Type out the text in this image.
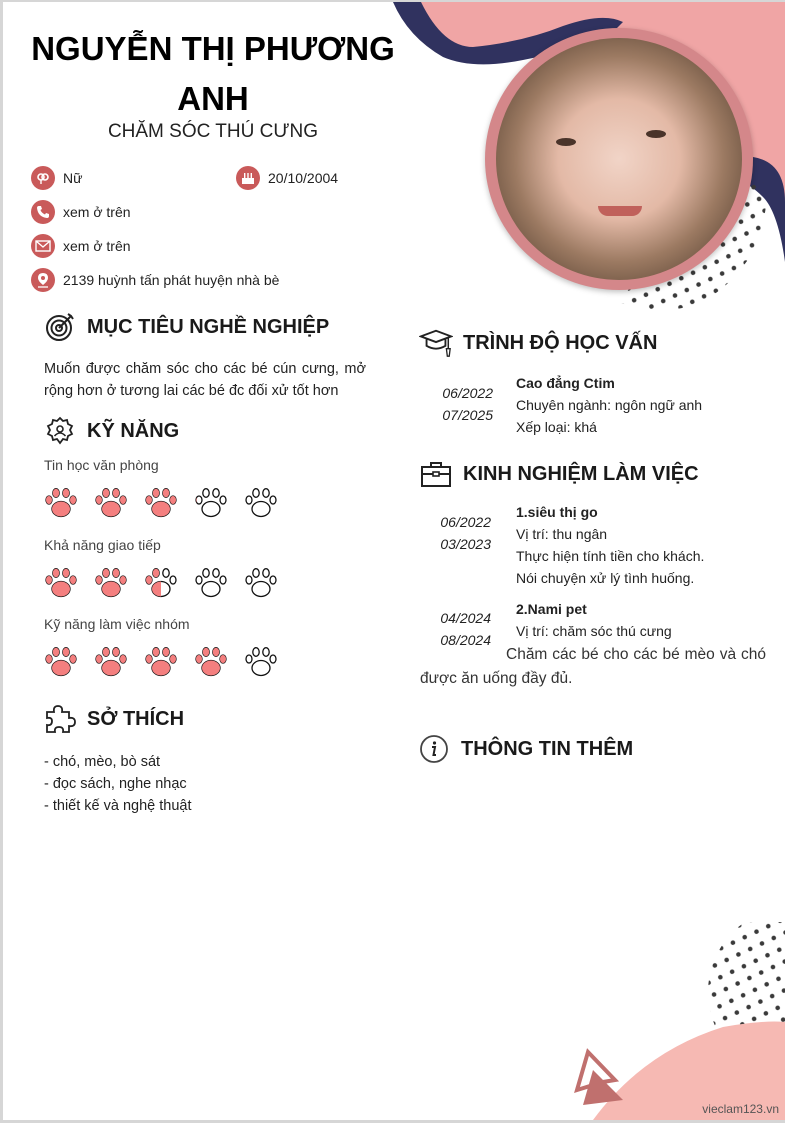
NGUYỄN THỊ PHƯƠNG ANH
CHĂM SÓC THÚ CƯNG
Nữ	20/10/2004
xem ở trên
xem ở trên
2139 huỳnh tấn phát huyện nhà bè
MỤC TIÊU NGHỀ NGHIỆP
Muốn được chăm sóc cho các bé cún cưng, mở rộng hơn ở tương lai các bé đc đối xử tốt hơn
KỸ NĂNG
Tin học văn phòng
Khả năng giao tiếp
Kỹ năng làm việc nhóm
SỞ THÍCH
- chó, mèo, bò sát
- đọc sách, nghe nhạc
- thiết kế và nghệ thuật
TRÌNH ĐỘ HỌC VẤN
06/2022
07/2025
Cao đẳng Ctim
Chuyên ngành: ngôn ngữ anh
Xếp loại: khá
KINH NGHIỆM LÀM VIỆC
06/2022
03/2023
1.siêu thị go
Vị trí: thu ngân
Thực hiện tính tiền cho khách.
Nói chuyện xử lý tình huống.
04/2024
08/2024
2.Nami pet
Vị trí: chăm sóc thú cưng
Chăm các bé cho các bé mèo và chó được ăn uống đầy đủ.
THÔNG TIN THÊM
vieclam123.vn
